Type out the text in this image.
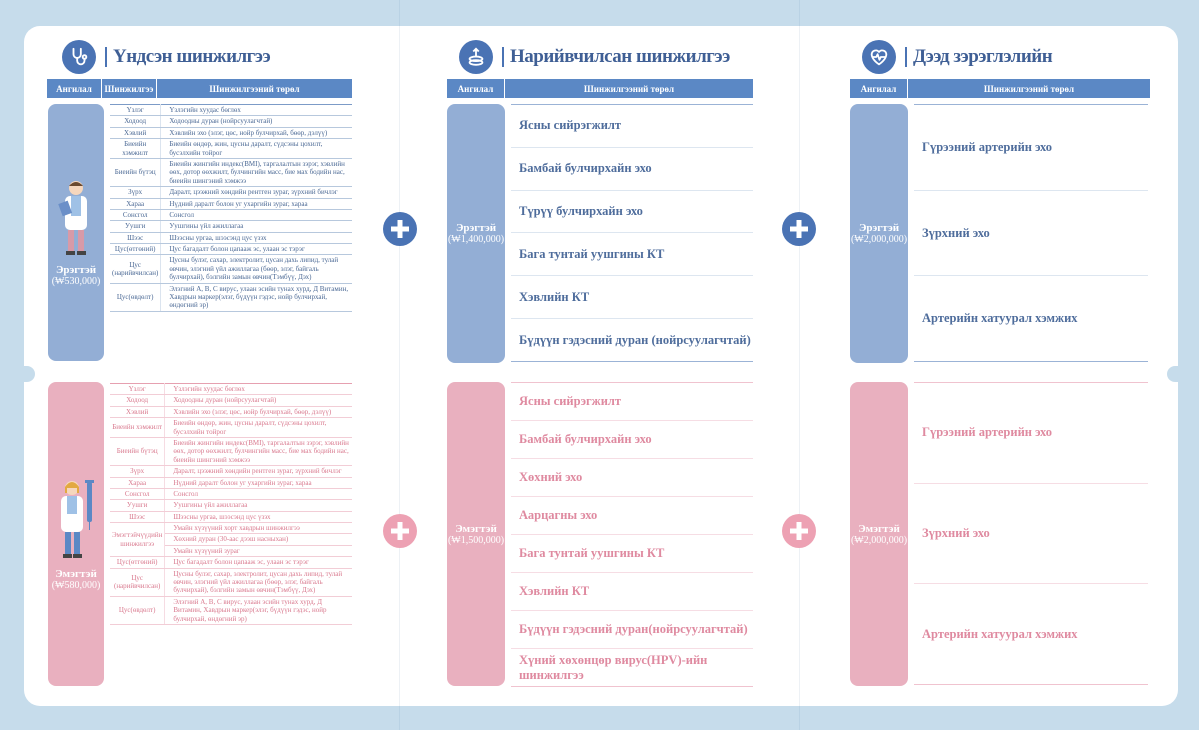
Үндсэн шинжилгээ
Ангилал	Шинжилгээ	Шинжилгээний төрөл
Эрэгтэй
(₩530,000)
Үзлэг	Үзлэгийн хуудас бөглөх
Ходоод	Ходоодны дуран (нойрсуулагчтай)
Хэвлий	Хэвлийн эхо (элэг, цөс, нойр булчирхай, бөөр, дэлүү)
Биеийн хэмжилт	Биеийн өндөр, жин, цусны даралт, сүдсэны цохилт, бусэлхийн тойрог
Биеийн бүтэц	Биеийн жингийн индекс(BMI), таргалалтын зэрэг, хэвлийн өөх, дотор өөхжилт, булчингийн масс, биe мах бодийн нас, биеийн шингэний хэмжээ
Зүрх	Даралт, цээжний хөндийн рентген зураг, зүрхний бичлэг
Хараа	Нүдний даралт болон уг ухаргийн зураг, хараа
Сонсгол	Сонсгол
Уушги	Уушгины үйл ажиллагаа
Шээс	Шээсны ургаа, шээсэнд цус үзэх
Цус(өтгөний)	Цус багадалт болон цапааж эс, улаан эс тэрэг
Цус (нарийвчилсан)	Цусны булэг, сахар, электролит, цусан дахь липид, тулай өвчин, элэгний үйл ажиллагаа (бөөр, элэг, байгаль булчирхай), бэлгийн замын өвчин(Тэмбүү, Дэх)
Цус(өвдөлт)	Элэгний A, B, C вирус, улаан эсийн тунах хурд, Д Витамин, Хавдрын маркер(элэг, бүдүүн гэдэс, нойр булчирхай, өндөгний эр)
Эмэгтэй
(₩580,000)
Үзлэг	Үзлэгийн хуудас бөглөх
Ходоод	Ходоодны дуран (нойрсуулагчтай)
Хэвлий	Хэвлийн эхо (элэг, цөс, нойр булчирхай, бөөр, дэлүү)
Биеийн хэмжилт	Биеийн өндөр, жин, цусны даралт, сүдсэны цохилт, бусэлхийн тойрог
Биеийн бүтэц	Биеийн жингийн индекс(BMI), таргалалтын зэрэг, хэвлийн өөх, дотор өөхжилт, булчингийн масс, биe мах бодийн нас, биеийн шингэний хэмжээ
Зүрх	Даралт, цээжний хөндийн рентген зураг, зүрхний бичлэг
Хараа	Нүдний даралт болон уг ухаргийн зураг, хараа
Сонсгол	Сонсгол
Уушги	Уушгины үйл ажиллагаа
Шээс	Шээсны ургаа, шээсэнд цус үзэх
Эмэгтэйчүүдийн шинжилгээ	Умайн хүзүүний хорт хавдрын шинжилгээ
	Хөхний дуран (30-аас дээш насныхан)
	Умайн хүзүүний зураг
Цус(өтгөний)	Цус багадалт болон цапааж эс, улаан эс тэрэг
Цус (нарийвчилсан)	Цусны булэг, сахар, электролит, цусан дахь липид, тулай өвчин, элэгний үйл ажиллагаа (бөөр, элэг, байгаль булчирхай), бэлгийн замын өвчин(Тэмбүү, Дэх)
Цус(өвдөлт)	Элэгний A, B, C вирус, улаан эсийн тунах хурд, Д Витамин, Хавдрын маркер(элэг, бүдүүн гэдэс, нойр булчирхай, өндөгний эр)
Нарийвчилсан шинжилгээ
Ангилал	Шинжилгээний төрөл
Эрэгтэй
(₩1,400,000)
Ясны сийрэгжилт
Бамбай булчирхайн эхо
Түрүү булчирхайн эхо
Бага тунтай уушгины КТ
Хэвлийн КТ
Бүдүүн гэдэсний дуран (нойрсуулагчтай)
Эмэгтэй
(₩1,500,000)
Ясны сийрэгжилт
Бамбай булчирхайн эхо
Хөхний эхо
Аарцагны эхо
Бага тунтай уушгины КТ
Хэвлийн КТ
Бүдүүн гэдэсний дуран(нойрсуулагчтай)
Хүний хөхөнцөр вирус(HPV)-ийн шинжилгээ
Дээд зэрэглэлийн
Ангилал	Шинжилгээний төрөл
Эрэгтэй
(₩2,000,000)
Гүрээний артерийн эхо
Зүрхний эхо
Артерийн хатуурал хэмжих
Эмэгтэй
(₩2,000,000)
Гүрээний артерийн эхо
Зүрхний эхо
Артерийн хатуурал хэмжих
